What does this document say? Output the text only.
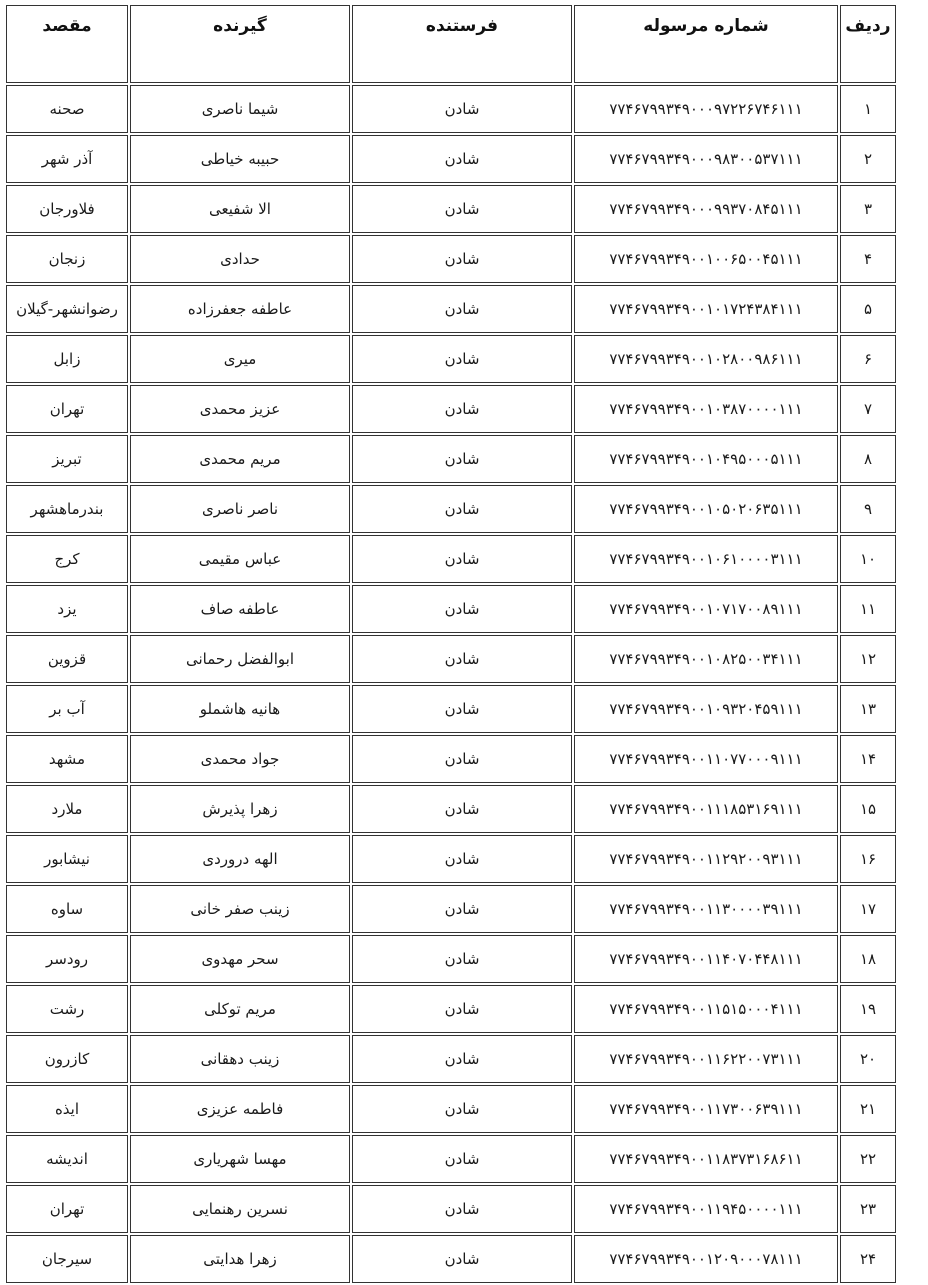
ردیف	شماره مرسوله	فرستنده	گیرنده	مقصد
۱	۷۷۴۶۷۹۹۳۴۹۰۰۰۹۷۲۲۶۷۴۶۱۱۱	شادن	شیما ناصری	صحنه
۲	۷۷۴۶۷۹۹۳۴۹۰۰۰۹۸۳۰۰۵۳۷۱۱۱	شادن	حبیبه خیاطی	آذر شهر
۳	۷۷۴۶۷۹۹۳۴۹۰۰۰۹۹۳۷۰۸۴۵۱۱۱	شادن	الا شفیعی	فلاورجان
۴	۷۷۴۶۷۹۹۳۴۹۰۰۱۰۰۶۵۰۰۴۵۱۱۱	شادن	حدادی	زنجان
۵	۷۷۴۶۷۹۹۳۴۹۰۰۱۰۱۷۲۴۳۸۴۱۱۱	شادن	عاطفه جعفرزاده	رضوانشهر-گیلان
۶	۷۷۴۶۷۹۹۳۴۹۰۰۱۰۲۸۰۰۹۸۶۱۱۱	شادن	میری	زابل
۷	۷۷۴۶۷۹۹۳۴۹۰۰۱۰۳۸۷۰۰۰۰۱۱۱	شادن	عزیز محمدی	تهران
۸	۷۷۴۶۷۹۹۳۴۹۰۰۱۰۴۹۵۰۰۰۵۱۱۱	شادن	مریم محمدی	تبریز
۹	۷۷۴۶۷۹۹۳۴۹۰۰۱۰۵۰۲۰۶۳۵۱۱۱	شادن	ناصر ناصری	بندرماهشهر
۱۰	۷۷۴۶۷۹۹۳۴۹۰۰۱۰۶۱۰۰۰۰۳۱۱۱	شادن	عباس مقیمی	کرج
۱۱	۷۷۴۶۷۹۹۳۴۹۰۰۱۰۷۱۷۰۰۸۹۱۱۱	شادن	عاطفه صاف	یزد
۱۲	۷۷۴۶۷۹۹۳۴۹۰۰۱۰۸۲۵۰۰۳۴۱۱۱	شادن	ابوالفضل رحمانی	قزوین
۱۳	۷۷۴۶۷۹۹۳۴۹۰۰۱۰۹۳۲۰۴۵۹۱۱۱	شادن	هانیه هاشملو	آب بر
۱۴	۷۷۴۶۷۹۹۳۴۹۰۰۱۱۰۷۷۰۰۰۹۱۱۱	شادن	جواد محمدی	مشهد
۱۵	۷۷۴۶۷۹۹۳۴۹۰۰۱۱۱۸۵۳۱۶۹۱۱۱	شادن	زهرا پذیرش	ملارد
۱۶	۷۷۴۶۷۹۹۳۴۹۰۰۱۱۲۹۲۰۰۹۳۱۱۱	شادن	الهه دروردی	نیشابور
۱۷	۷۷۴۶۷۹۹۳۴۹۰۰۱۱۳۰۰۰۰۳۹۱۱۱	شادن	زینب صفر خانی	ساوه
۱۸	۷۷۴۶۷۹۹۳۴۹۰۰۱۱۴۰۷۰۴۴۸۱۱۱	شادن	سحر مهدوی	رودسر
۱۹	۷۷۴۶۷۹۹۳۴۹۰۰۱۱۵۱۵۰۰۰۴۱۱۱	شادن	مریم توکلی	رشت
۲۰	۷۷۴۶۷۹۹۳۴۹۰۰۱۱۶۲۲۰۰۷۳۱۱۱	شادن	زینب دهقانی	کازرون
۲۱	۷۷۴۶۷۹۹۳۴۹۰۰۱۱۷۳۰۰۶۳۹۱۱۱	شادن	فاطمه عزیزی	ایذه
۲۲	۷۷۴۶۷۹۹۳۴۹۰۰۱۱۸۳۷۳۱۶۸۶۱۱	شادن	مهسا شهریاری	اندیشه
۲۳	۷۷۴۶۷۹۹۳۴۹۰۰۱۱۹۴۵۰۰۰۰۱۱۱	شادن	نسرین رهنمایی	تهران
۲۴	۷۷۴۶۷۹۹۳۴۹۰۰۱۲۰۹۰۰۰۷۸۱۱۱	شادن	زهرا هدایتی	سیرجان
